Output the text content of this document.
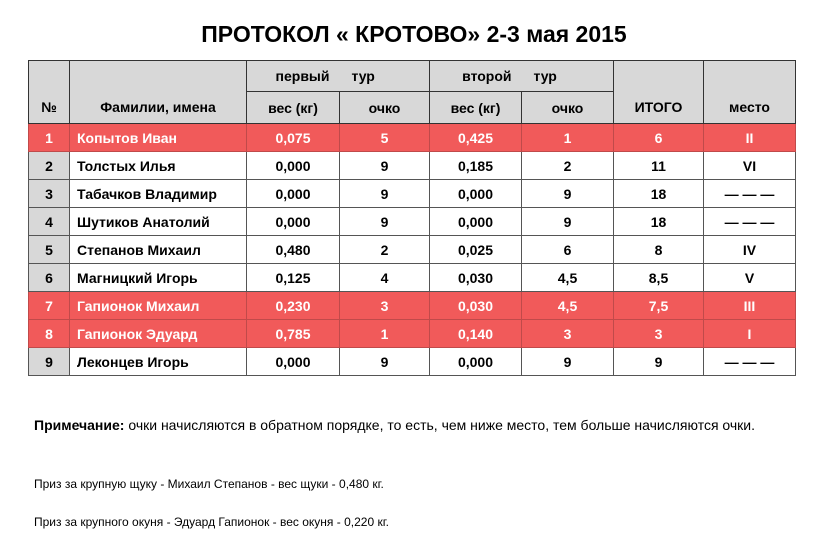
ПРОТОКОЛ « КРОТОВО» 2-3 мая 2015
№	Фамилии, имена	первый	тур	второй	тур	ИТОГО	место
		вес (кг)	очко	вес (кг)	очко		
1	Копытов Иван	0,075	5	0,425	1	6	II
2	Толстых Илья	0,000	9	0,185	2	11	VI
3	Табачков Владимир	0,000	9	0,000	9	18	— — —
4	Шутиков Анатолий	0,000	9	0,000	9	18	— — —
5	Степанов Михаил	0,480	2	0,025	6	8	IV
6	Магницкий Игорь	0,125	4	0,030	4,5	8,5	V
7	Гапионок Михаил	0,230	3	0,030	4,5	7,5	III
8	Гапионок Эдуард	0,785	1	0,140	3	3	I
9	Леконцев Игорь	0,000	9	0,000	9	9	— — —
Примечание: очки начисляются в обратном порядке, то есть, чем ниже место, тем больше начисляются очки.
Приз за крупную щуку - Михаил Степанов - вес щуки - 0,480 кг.
Приз за крупного окуня - Эдуард Гапионок - вес окуня - 0,220 кг.
